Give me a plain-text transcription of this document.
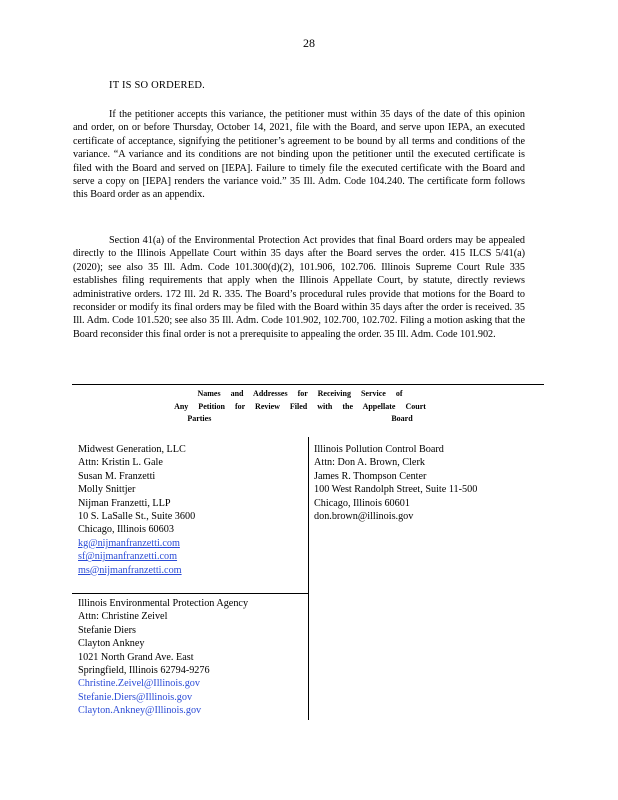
28
IT IS SO ORDERED.

If the petitioner accepts this variance, the petitioner must within 35 days of the date of this opinion and order, on or before Thursday, October 14, 2021, file with the Board, and serve upon IEPA, an executed certificate of acceptance, signifying the petitioner’s agreement to be bound by all terms and conditions of the variance. “A variance and its conditions are not binding upon the petitioner until the executed certificate is filed with the Board and served on [IEPA]. Failure to timely file the executed certificate with the Board and serve a copy on [IEPA] renders the variance void.” 35 Ill. Adm. Code 104.240. The certificate form follows this Board order as an appendix.

Section 41(a) of the Environmental Protection Act provides that final Board orders may be appealed directly to the Illinois Appellate Court within 35 days after the Board serves the order. 415 ILCS 5/41(a) (2020); see also 35 Ill. Adm. Code 101.300(d)(2), 101.906, 102.706. Illinois Supreme Court Rule 335 establishes filing requirements that apply when the Illinois Appellate Court, by statute, directly reviews administrative orders. 172 Ill. 2d R. 335. The Board’s procedural rules provide that motions for the Board to reconsider or modify its final orders may be filed with the Board within 35 days after the order is received. 35 Ill. Adm. Code 101.520; see also 35 Ill. Adm. Code 101.902, 102.700, 102.702. Filing a motion asking that the Board reconsider this final order is not a prerequisite to appealing the order. 35 Ill. Adm. Code 101.902.

Names and Addresses for Receiving Service of
Any Petition for Review Filed with the Appellate Court
Parties	Board
Midwest Generation, LLC
Attn: Kristin L. Gale
Susan M. Franzetti
Molly Snittjer
Nijman Franzetti, LLP
10 S. LaSalle St., Suite 3600
Chicago, Illinois 60603
kg@nijmanfranzetti.com
sf@nijmanfranzetti.com
ms@nijmanfranzetti.com
Illinois Pollution Control Board
Attn: Don A. Brown, Clerk
James R. Thompson Center
100 West Randolph Street, Suite 11-500
Chicago, Illinois 60601
don.brown@illinois.gov
Illinois Environmental Protection Agency
Attn: Christine Zeivel
Stefanie Diers
Clayton Ankney
1021 North Grand Ave. East
Springfield, Illinois 62794-9276
Christine.Zeivel@Illinois.gov
Stefanie.Diers@Illinois.gov
Clayton.Ankney@Illinois.gov
